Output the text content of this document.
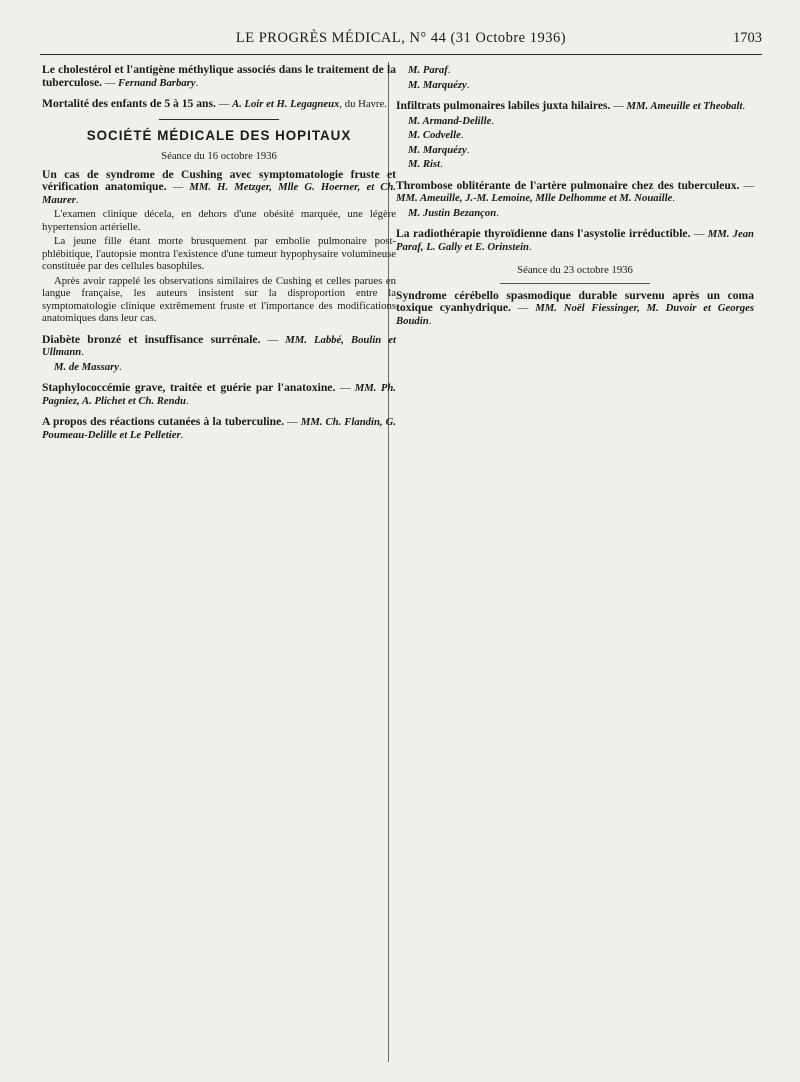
LE PROGRÈS MÉDICAL, N° 44 (31 Octobre 1936)	1703

Le cholestérol et l'antigène méthylique associés dans le traitement de la tuberculose. — Fernand Barbary.

Mortalité des enfants de 5 à 15 ans. — A. Loir et H. Legagneux, du Havre.

SOCIÉTÉ MÉDICALE DES HOPITAUX
Séance du 16 octobre 1936

Un cas de syndrome de Cushing avec symptomatologie fruste et vérification anatomique. — MM. H. Metzger, Mlle G. Hoerner, et Ch. Maurer.

L'examen clinique décela, en dehors d'une obésité marquée, une légère hypertension artérielle.

La jeune fille étant morte brusquement par embolie pulmonaire post-phlébitique, l'autopsie montra l'existence d'une tumeur hypophysaire volumineuse constituée par des cellules basophiles.

Après avoir rappelé les observations similaires de Cushing et celles parues en langue française, les auteurs insistent sur la disproportion entre la symptomatologie clinique extrêmement fruste et l'importance des modifications anatomiques dans leur cas.

Diabète bronzé et insuffisance surrénale. — MM. Labbé, Boulin et Ullmann.

M. de Massary.

Staphylococcémie grave, traitée et guérie par l'anatoxine. — MM. Ph. Pagniez, A. Plichet et Ch. Rendu.

A propos des réactions cutanées à la tuberculine. — MM. Ch. Flandin, G. Poumeau-Delille et Le Pelletier.

M. Paraf.

M. Marquézy.

Infiltrats pulmonaires labiles juxta hilaires. — MM. Ameuille et Theobalt.

M. Armand-Delille.

M. Codvelle.

M. Marquézy.

M. Rist.

Thrombose oblitérante de l'artère pulmonaire chez des tuberculeux. — MM. Ameuille, J.-M. Lemoine, Mlle Delhomme et M. Nouaille.

M. Justin Bezançon.

La radiothérapie thyroïdienne dans l'asystolie irréductible. — MM. Jean Paraf, L. Gally et E. Orinstein.

Séance du 23 octobre 1936

Syndrome cérébello spasmodique durable survenu après un coma toxique cyanhydrique. — MM. Noël Fiessinger, M. Duvoir et Georges Boudin.
